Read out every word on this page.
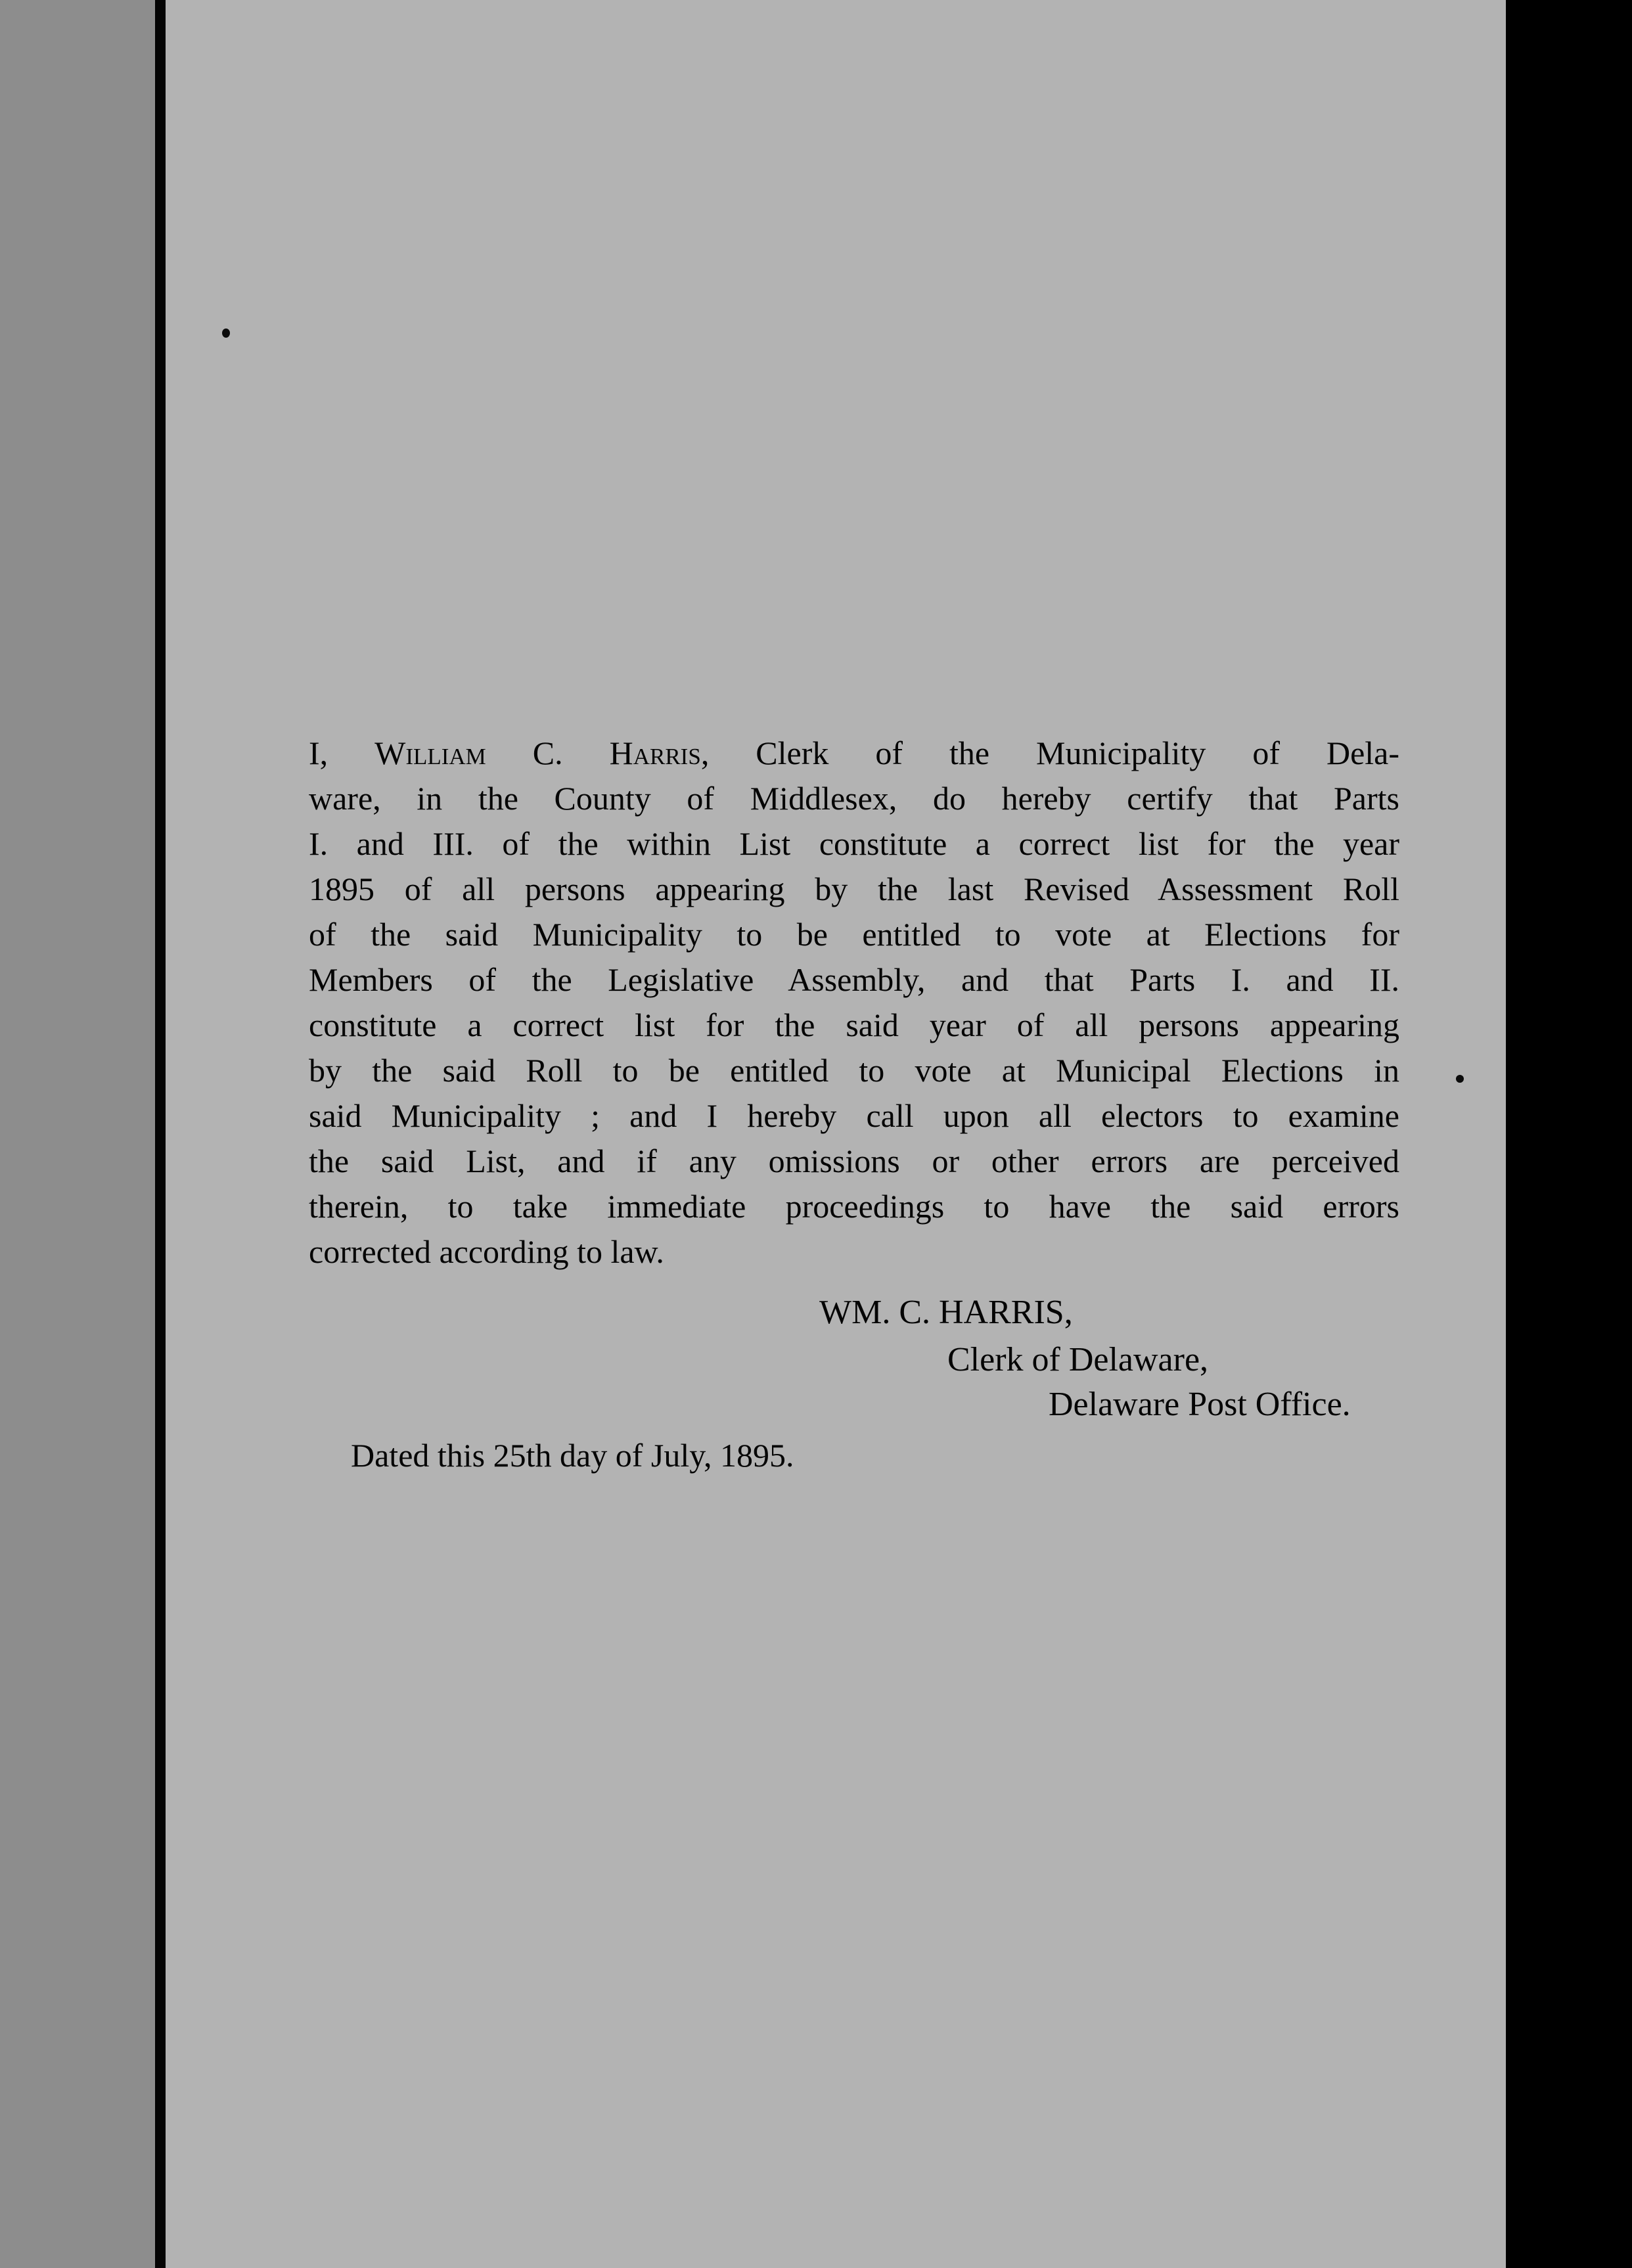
I, William C. Harris, Clerk of the Municipality of Dela-
ware, in the County of Middlesex, do hereby certify that Parts
I. and III. of the within List constitute a correct list for the year
1895 of all persons appearing by the last Revised Assessment Roll
of the said Municipality to be entitled to vote at Elections for
Members of the Legislative Assembly, and that Parts I. and II.
constitute a correct list for the said year of all persons appearing
by the said Roll to be entitled to vote at Municipal Elections in
said Municipality ; and I hereby call upon all electors to examine
the said List, and if any omissions or other errors are perceived
therein, to take immediate proceedings to have the said errors
corrected according to law.

WM. C. HARRIS,

Clerk of Delaware,

Delaware Post Office.

Dated this 25th day of July, 1895.
